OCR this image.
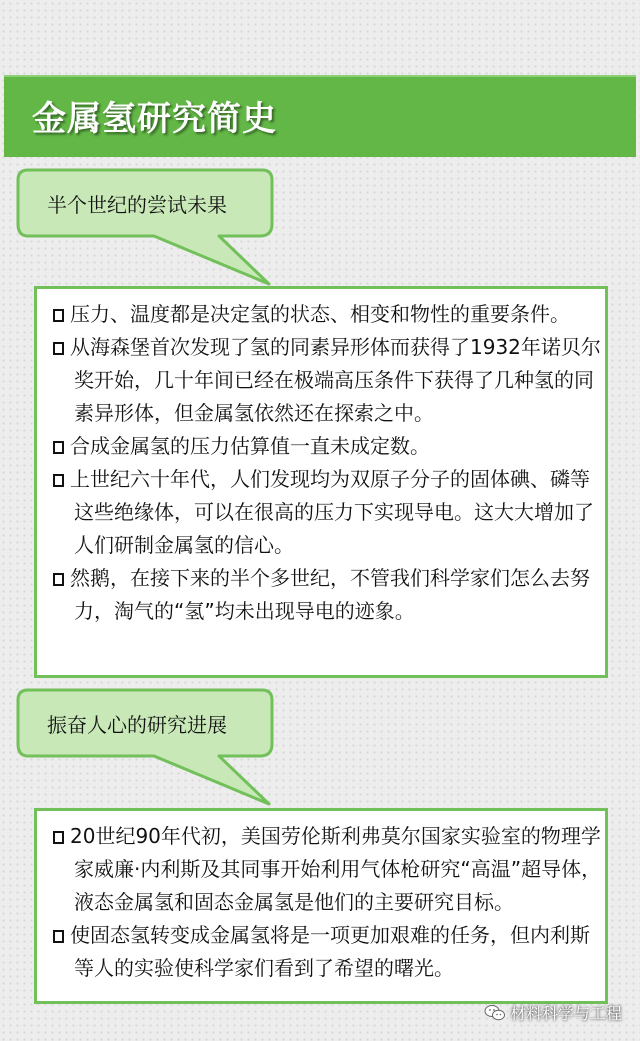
金属氢研究简史
半个世纪的尝试未果

压力、温度都是决定氢的状态、相变和物性的重要条件。

从海森堡首次发现了氢的同素异形体而获得了1932年诺贝尔奖开始，几十年间已经在极端高压条件下获得了几种氢的同素异形体，但金属氢依然还在探索之中。

合成金属氢的压力估算值一直未成定数。

上世纪六十年代，人们发现均为双原子分子的固体碘、磷等这些绝缘体，可以在很高的压力下实现导电。这大大增加了人们研制金属氢的信心。

然鹅，在接下来的半个多世纪，不管我们科学家们怎么去努力，淘气的“氢”均未出现导电的迹象。

振奋人心的研究进展

20世纪90年代初，美国劳伦斯利弗莫尔国家实验室的物理学家威廉·内利斯及其同事开始利用气体枪研究“高温”超导体，液态金属氢和固态金属氢是他们的主要研究目标。

使固态氢转变成金属氢将是一项更加艰难的任务，但内利斯等人的实验使科学家们看到了希望的曙光。

材料科学与工程
